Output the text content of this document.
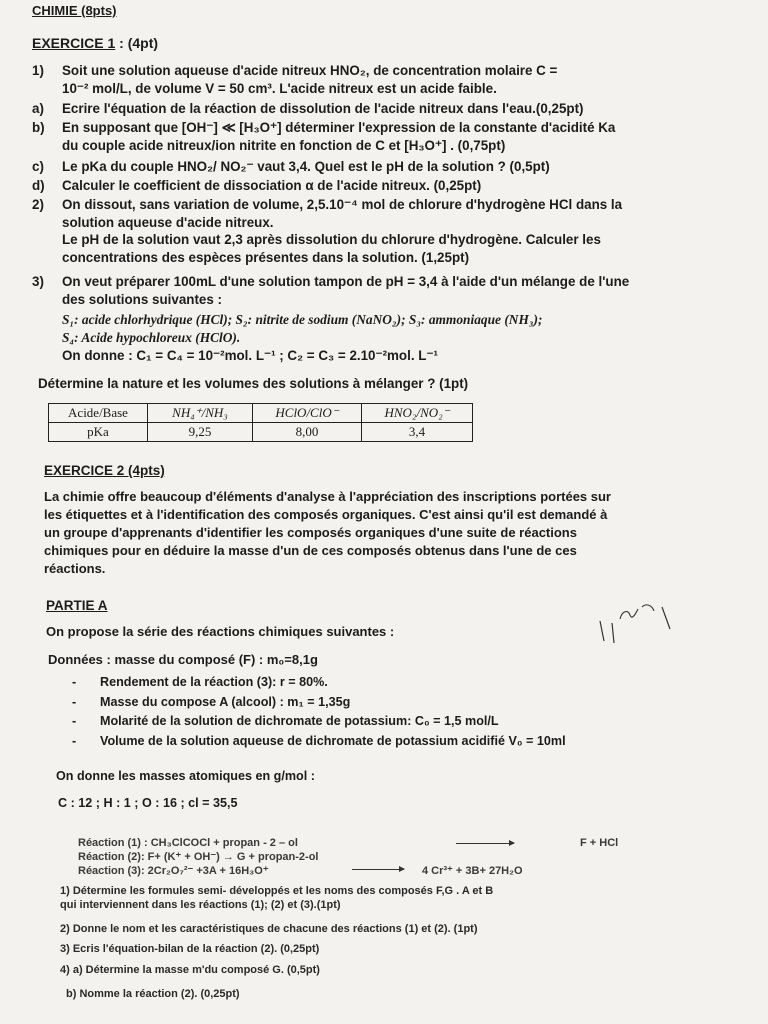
CHIMIE (8pts)
EXERCICE 1 : (4pt)
1) Soit une solution aqueuse d'acide nitreux HNO₂, de concentration molaire C =

10⁻² mol/L, de volume V = 50 cm³. L'acide nitreux est un acide faible.

a) Ecrire l'équation de la réaction de dissolution de l'acide nitreux dans l'eau.(0,25pt)

b) En supposant que [OH⁻] ≪ [H₃O⁺] déterminer l'expression de la constante d'acidité Ka

du couple acide nitreux/ion nitrite en fonction de C et [H₃O⁺] . (0,75pt)

c) Le pKa du couple HNO₂/ NO₂⁻ vaut 3,4. Quel est le pH de la solution ? (0,5pt)

d) Calculer le coefficient de dissociation α de l'acide nitreux. (0,25pt)

2) On dissout, sans variation de volume, 2,5.10⁻⁴ mol de chlorure d'hydrogène HCl dans la

solution aqueuse d'acide nitreux.

Le pH de la solution vaut 2,3 après dissolution du chlorure d'hydrogène. Calculer les

concentrations des espèces présentes dans la solution. (1,25pt)

3) On veut préparer 100mL d'une solution tampon de pH = 3,4 à l'aide d'un mélange de l'une

des solutions suivantes :

S₁: acide chlorhydrique (HCl); S₂: nitrite de sodium (NaNO₂); S₃: ammoniaque (NH₃);

S₄: Acide hypochloreux (HClO).

On donne : C₁ = C₄ = 10⁻²mol. L⁻¹ ; C₂ = C₃ = 2.10⁻²mol. L⁻¹

Détermine la nature et les volumes des solutions à mélanger ? (1pt)

Acide/Base	NH₄⁺/NH₃	HClO/ClO⁻	HNO₂/NO₂⁻
pKa	9,25	8,00	3,4
EXERCICE 2 (4pts)

La chimie offre beaucoup d'éléments d'analyse à l'appréciation des inscriptions portées sur

les étiquettes et à l'identification des composés organiques. C'est ainsi qu'il est demandé à

un groupe d'apprenants d'identifier les composés organiques d'une suite de réactions

chimiques pour en déduire la masse d'un de ces composés obtenus dans l'une de ces

réactions.

PARTIE A
On propose la série des réactions chimiques suivantes :
Données : masse du composé (F) : m₀=8,1g
- Rendement de la réaction (3): r = 80%.
- Masse du compose A (alcool) : m₁ = 1,35g
- Molarité de la solution de dichromate de potassium: C₀ = 1,5 mol/L
- Volume de la solution aqueuse de dichromate de potassium acidifié V₀ = 10ml
On donne les masses atomiques en g/mol :
C : 12 ; H : 1 ; O : 16 ; cl = 35,5
Réaction (1) : CH₃ClCOCl + propan - 2 – ol	F + HCl
Réaction (2): F+ (K⁺ + OH⁻) → G + propan-2-ol
Réaction (3): 2Cr₂O₇²⁻ +3A + 16H₃O⁺	→ 4 Cr³⁺ + 3B+ 27H₂O
1) Détermine les formules semi- développés et les noms des composés F,G . A et B
qui interviennent dans les réactions (1); (2) et (3).(1pt)
2) Donne le nom et les caractéristiques de chacune des réactions (1) et (2). (1pt)
3) Ecris l'équation-bilan de la réaction (2). (0,25pt)
4) a) Détermine la masse m'du composé G. (0,5pt)
b) Nomme la réaction (2). (0,25pt)
